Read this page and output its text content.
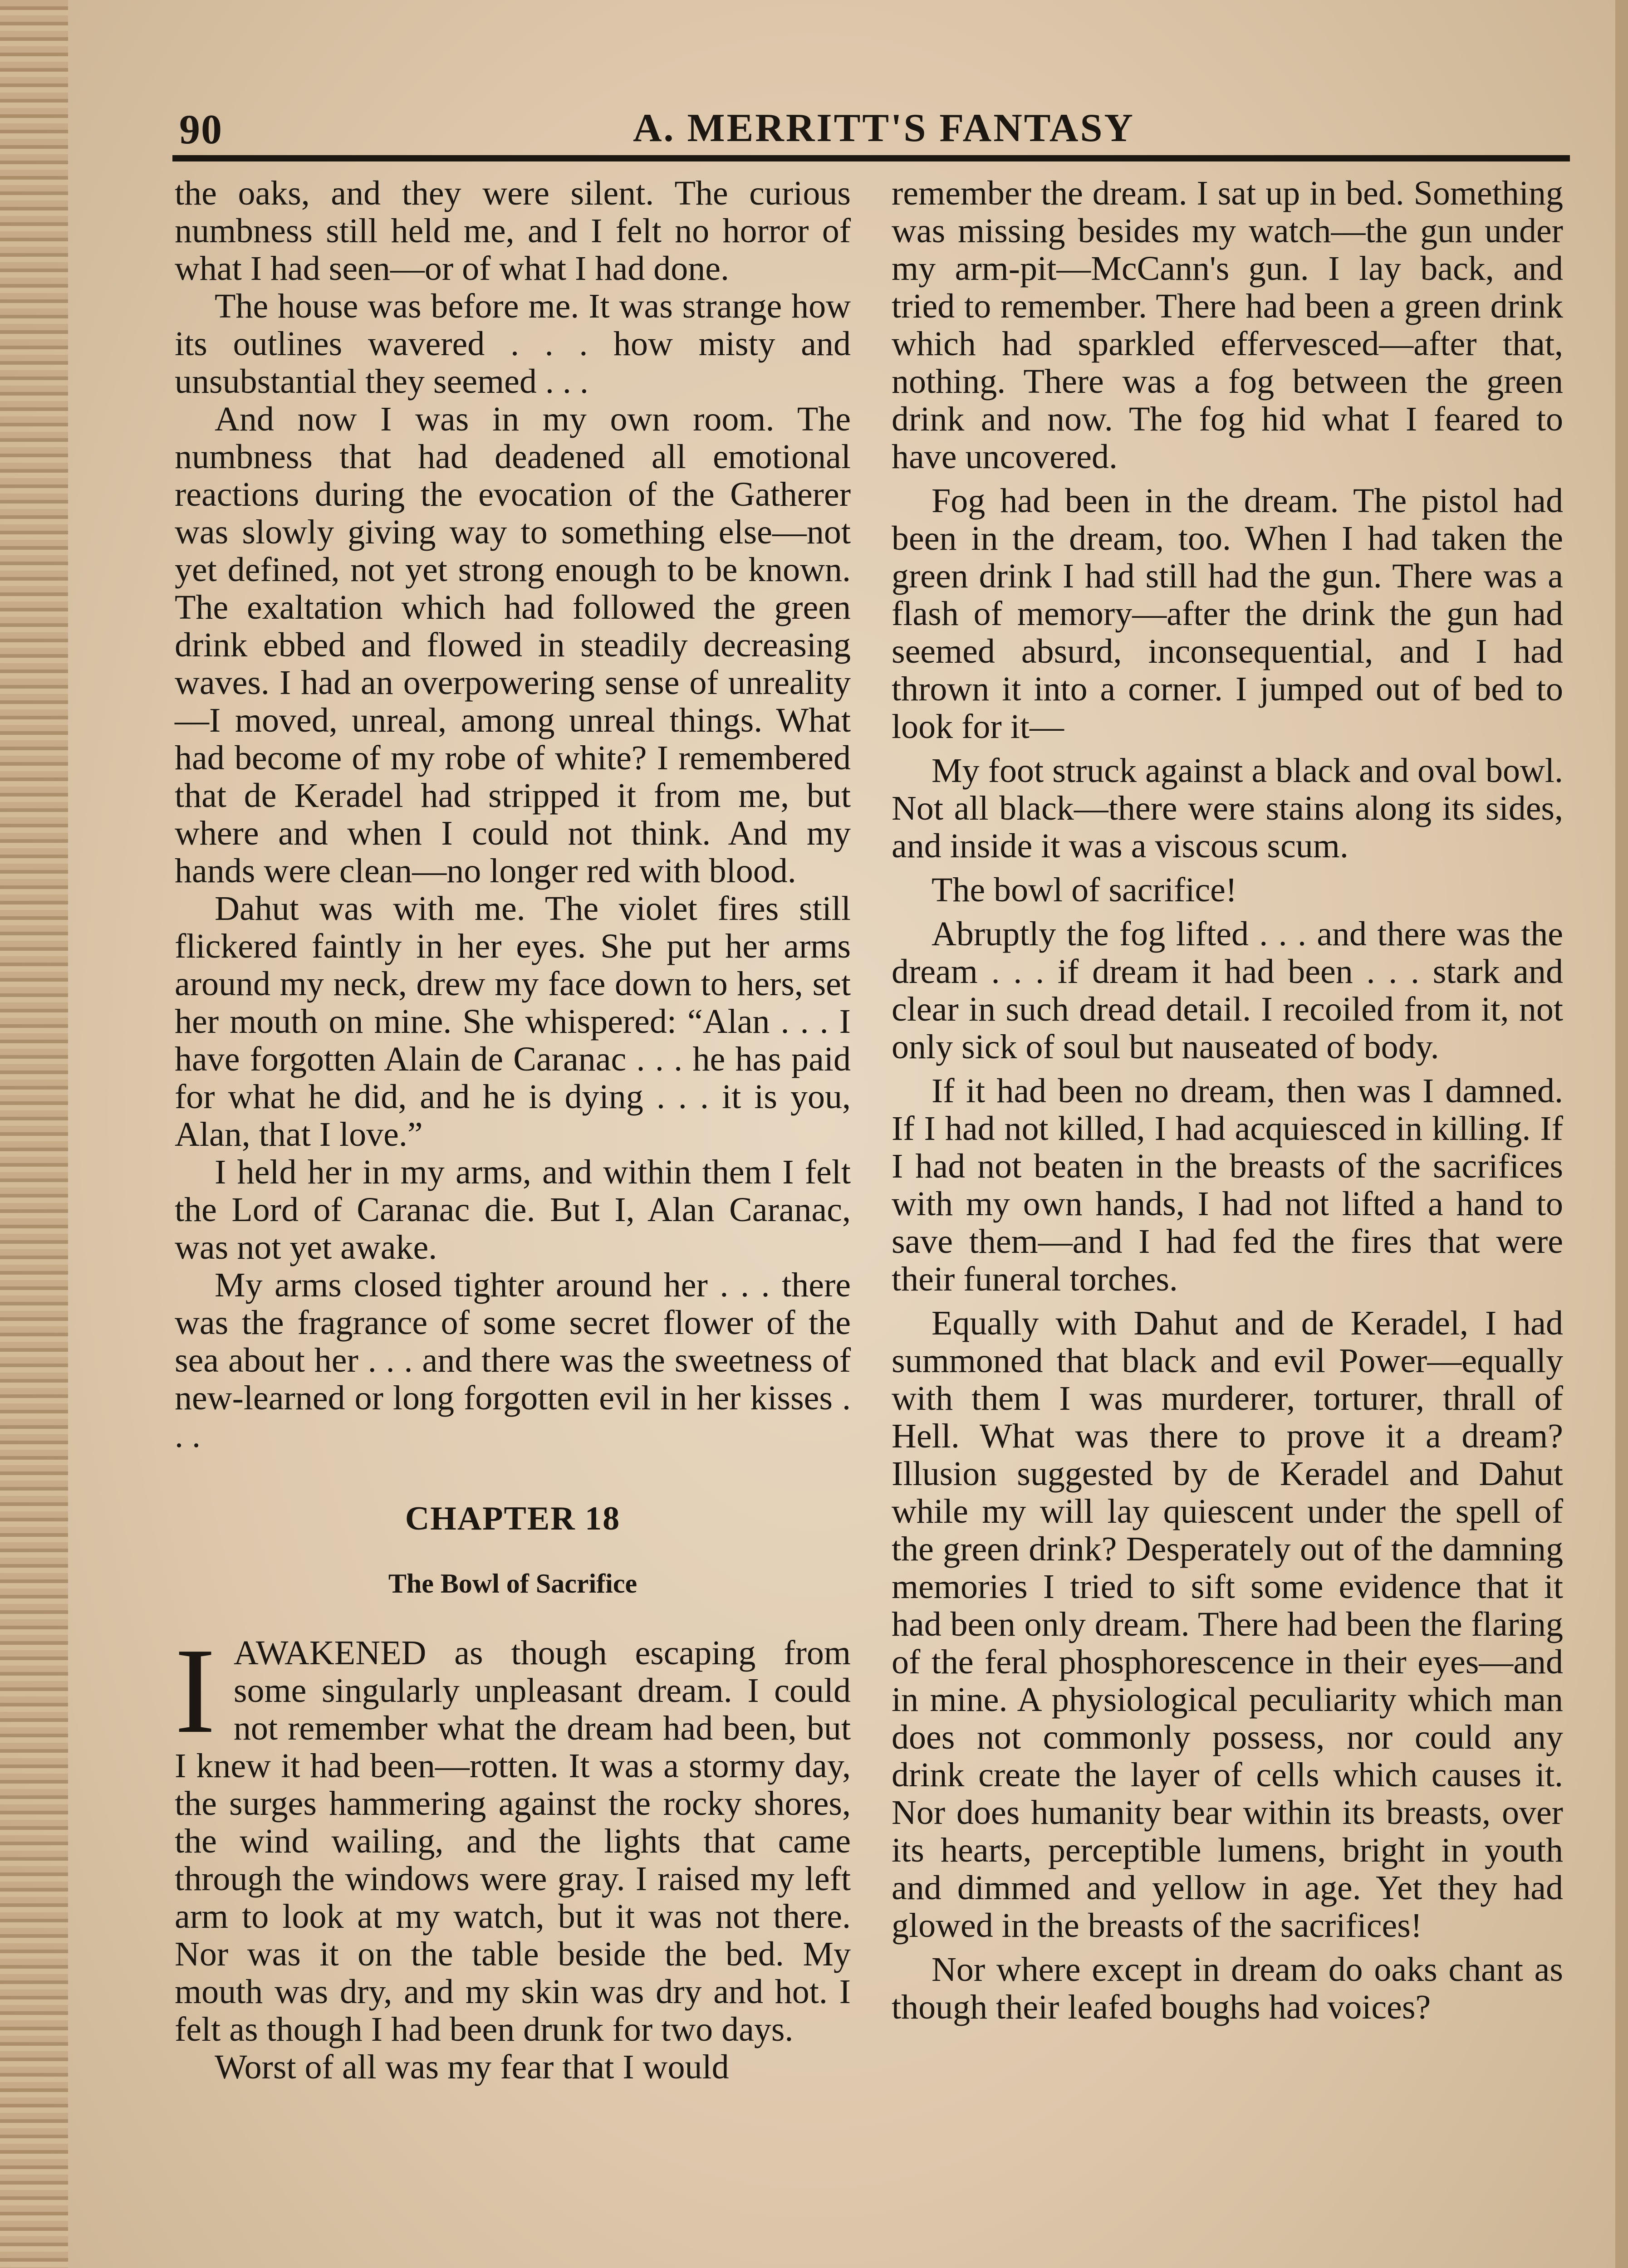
90	A. MERRITT'S FANTASY

the oaks, and they were silent. The curious numbness still held me, and I felt no horror of what I had seen—or of what I had done.

The house was before me. It was strange how its outlines wavered . . . how misty and unsubstantial they seemed . . .

And now I was in my own room. The numbness that had deadened all emotional reactions during the evocation of the Gatherer was slowly giving way to something else—not yet defined, not yet strong enough to be known. The exaltation which had followed the green drink ebbed and flowed in steadily decreasing waves. I had an overpowering sense of unreality—I moved, unreal, among unreal things. What had become of my robe of white? I remembered that de Keradel had stripped it from me, but where and when I could not think. And my hands were clean—no longer red with blood.

Dahut was with me. The violet fires still flickered faintly in her eyes. She put her arms around my neck, drew my face down to hers, set her mouth on mine. She whispered: “Alan . . . I have forgotten Alain de Caranac . . . he has paid for what he did, and he is dying . . . it is you, Alan, that I love.”

I held her in my arms, and within them I felt the Lord of Caranac die. But I, Alan Caranac, was not yet awake.

My arms closed tighter around her . . . there was the fragrance of some secret flower of the sea about her . . . and there was the sweetness of new-learned or long forgotten evil in her kisses . . .

CHAPTER 18
The Bowl of Sacrifice

IAWAKENED as though escaping from some singularly unpleasant dream. I could not remember what the dream had been, but I knew it had been—rotten. It was a stormy day, the surges hammering against the rocky shores, the wind wailing, and the lights that came through the windows were gray. I raised my left arm to look at my watch, but it was not there. Nor was it on the table beside the bed. My mouth was dry, and my skin was dry and hot. I felt as though I had been drunk for two days.

Worst of all was my fear that I would

remember the dream. I sat up in bed. Something was missing besides my watch—the gun under my arm-pit—McCann's gun. I lay back, and tried to remember. There had been a green drink which had sparkled effervesced—after that, nothing. There was a fog between the green drink and now. The fog hid what I feared to have uncovered.

Fog had been in the dream. The pistol had been in the dream, too. When I had taken the green drink I had still had the gun. There was a flash of memory—after the drink the gun had seemed absurd, inconsequential, and I had thrown it into a corner. I jumped out of bed to look for it—

My foot struck against a black and oval bowl. Not all black—there were stains along its sides, and inside it was a viscous scum.

The bowl of sacrifice!

Abruptly the fog lifted . . . and there was the dream . . . if dream it had been . . . stark and clear in such dread detail. I recoiled from it, not only sick of soul but nauseated of body.

If it had been no dream, then was I damned. If I had not killed, I had acquiesced in killing. If I had not beaten in the breasts of the sacrifices with my own hands, I had not lifted a hand to save them—and I had fed the fires that were their funeral torches.

Equally with Dahut and de Keradel, I had summoned that black and evil Power—equally with them I was murderer, torturer, thrall of Hell. What was there to prove it a dream? Illusion suggested by de Keradel and Dahut while my will lay quiescent under the spell of the green drink? Desperately out of the damning memories I tried to sift some evidence that it had been only dream. There had been the flaring of the feral phosphorescence in their eyes—and in mine. A physiological peculiarity which man does not commonly possess, nor could any drink create the layer of cells which causes it. Nor does humanity bear within its breasts, over its hearts, perceptible lumens, bright in youth and dimmed and yellow in age. Yet they had glowed in the breasts of the sacrifices!

Nor where except in dream do oaks chant as though their leafed boughs had voices?
